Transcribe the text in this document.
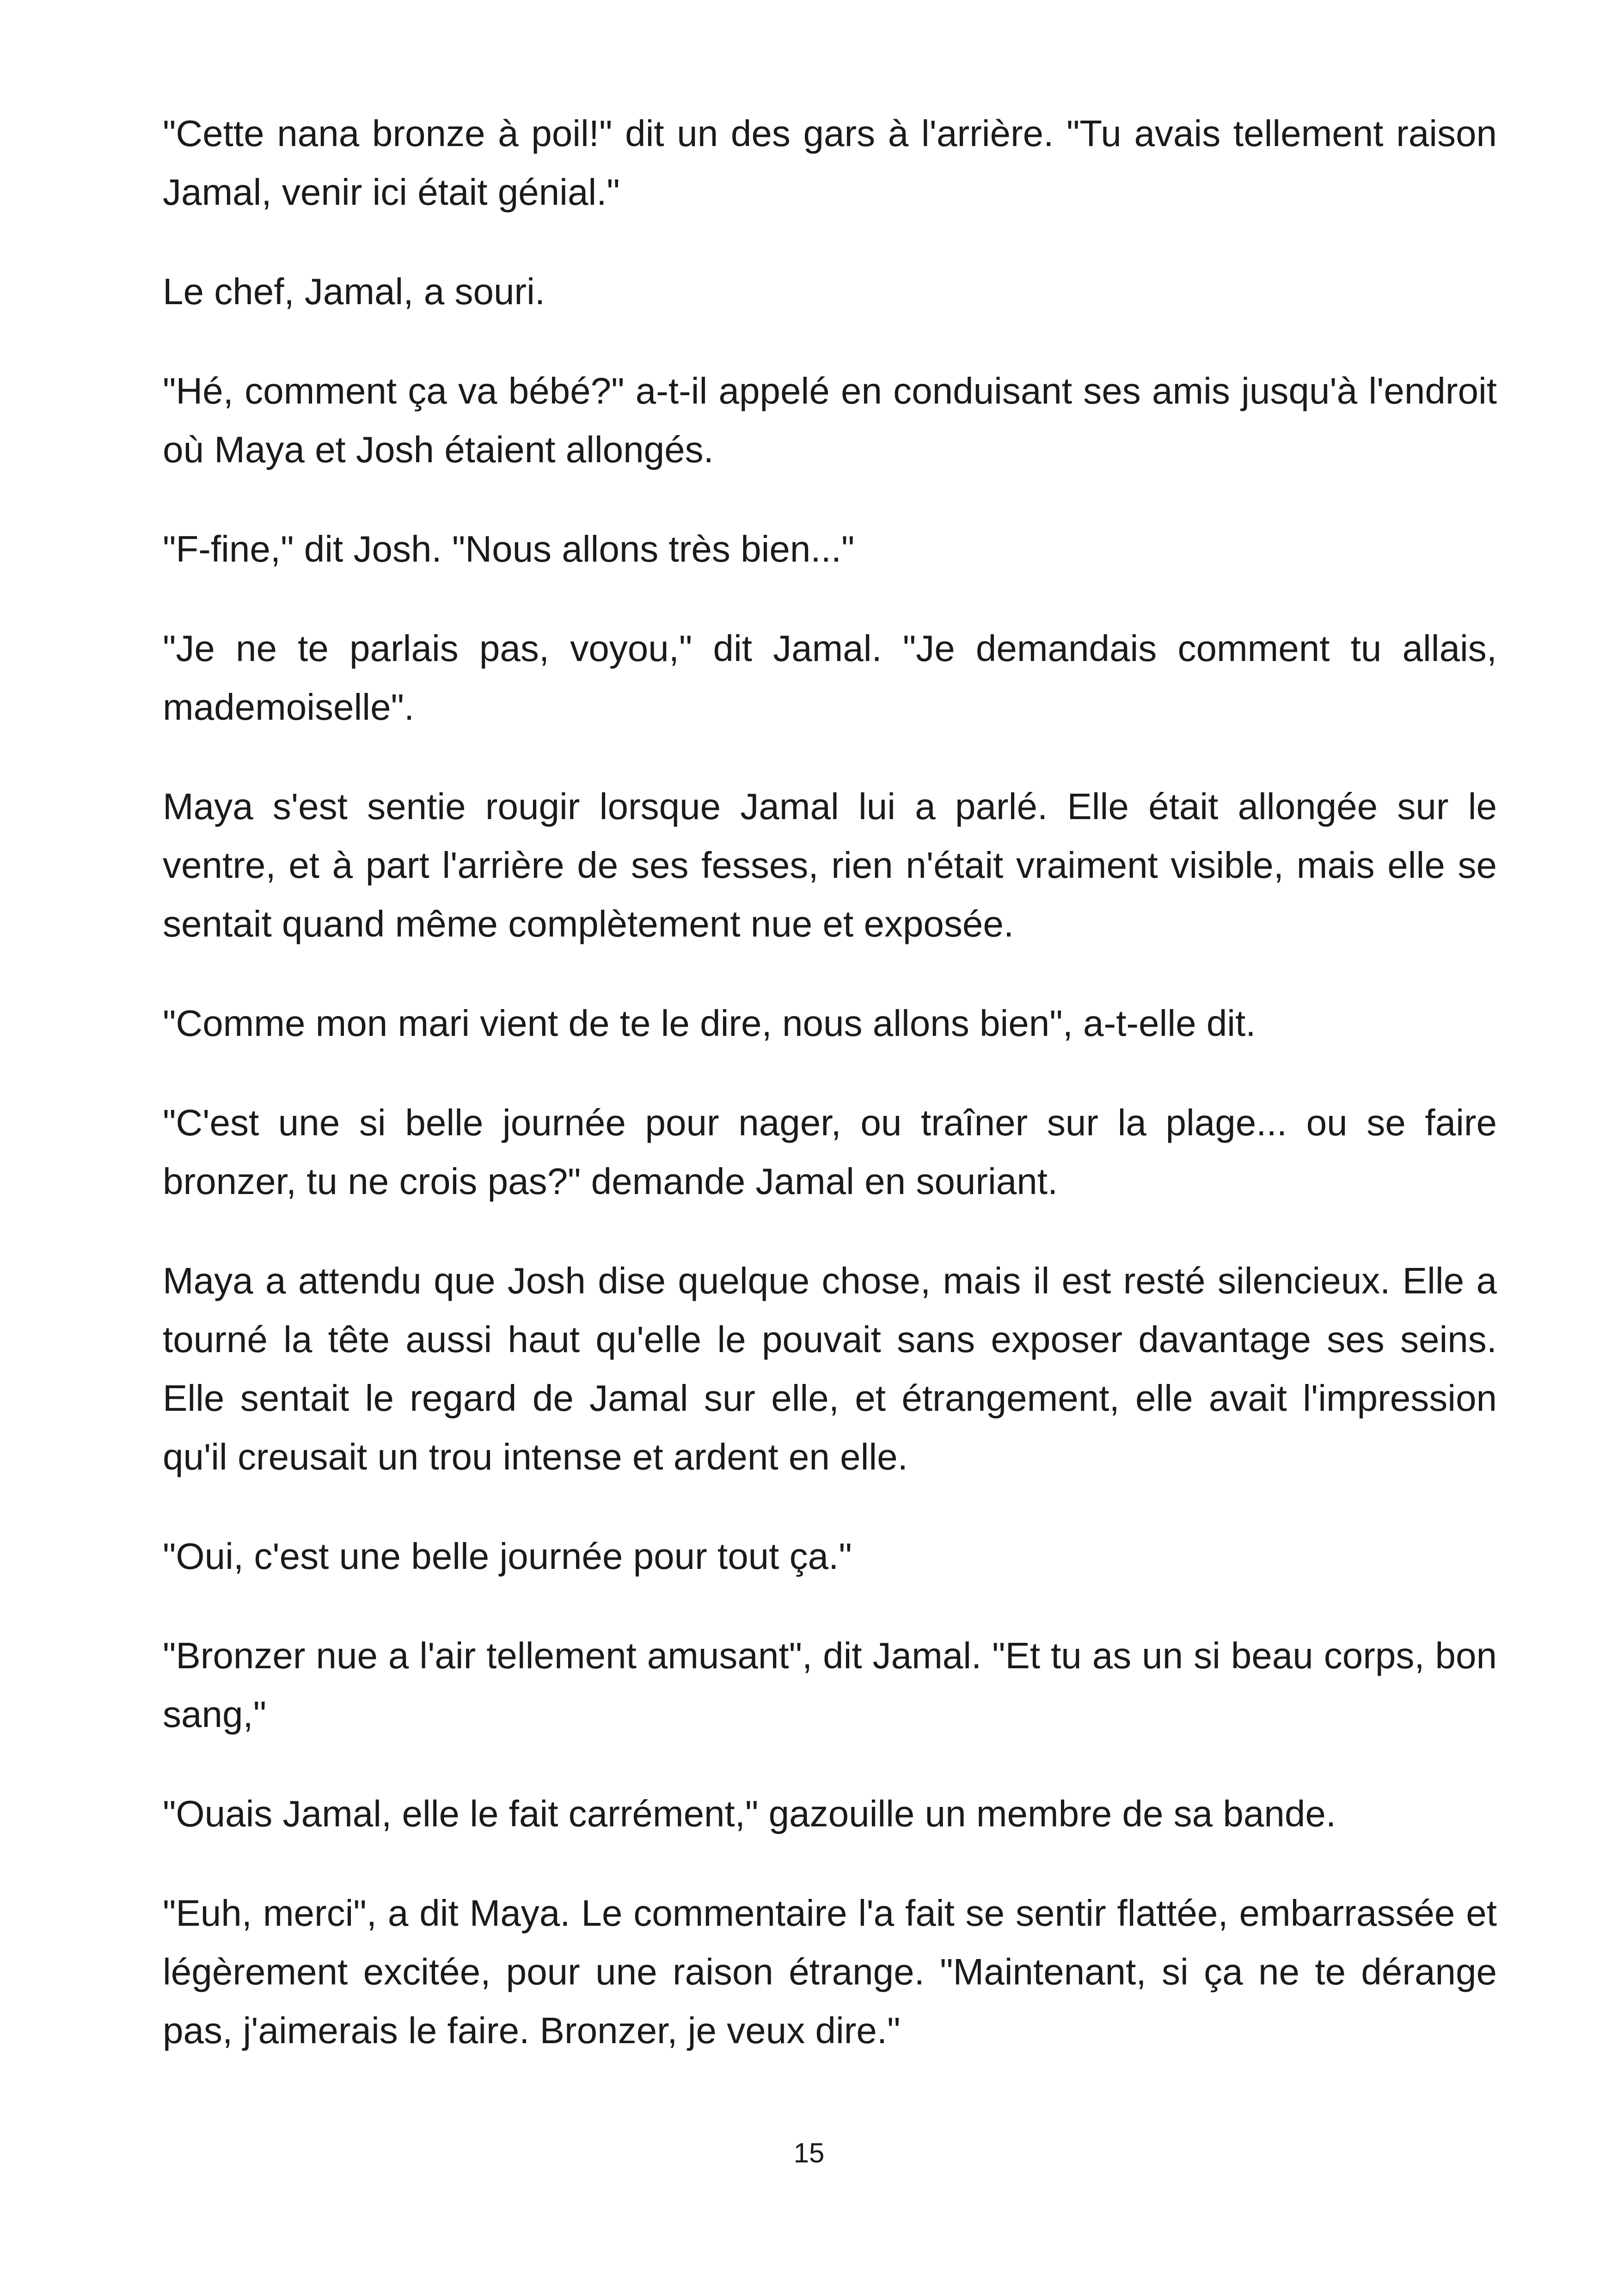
"Cette nana bronze à poil!" dit un des gars à l'arrière. "Tu avais tellement raison Jamal, venir ici était génial."

Le chef, Jamal, a souri.

"Hé, comment ça va bébé?" a-t-il appelé en conduisant ses amis jusqu'à l'endroit où Maya et Josh étaient allongés.

"F-fine," dit Josh. "Nous allons très bien..."

"Je ne te parlais pas, voyou," dit Jamal. "Je demandais comment tu allais, mademoiselle".

Maya s'est sentie rougir lorsque Jamal lui a parlé. Elle était allongée sur le ventre, et à part l'arrière de ses fesses, rien n'était vraiment visible, mais elle se sentait quand même complètement nue et exposée.

"Comme mon mari vient de te le dire, nous allons bien", a-t-elle dit.

"C'est une si belle journée pour nager, ou traîner sur la plage... ou se faire bronzer, tu ne crois pas?" demande Jamal en souriant.

Maya a attendu que Josh dise quelque chose, mais il est resté silencieux. Elle a tourné la tête aussi haut qu'elle le pouvait sans exposer davantage ses seins. Elle sentait le regard de Jamal sur elle, et étrangement, elle avait l'impression qu'il creusait un trou intense et ardent en elle.

"Oui, c'est une belle journée pour tout ça."

"Bronzer nue a l'air tellement amusant", dit Jamal. "Et tu as un si beau corps, bon sang,"

"Ouais Jamal, elle le fait carrément," gazouille un membre de sa bande.

"Euh, merci", a dit Maya. Le commentaire l'a fait se sentir flattée, embarrassée et légèrement excitée, pour une raison étrange. "Maintenant, si ça ne te dérange pas, j'aimerais le faire. Bronzer, je veux dire."

15
